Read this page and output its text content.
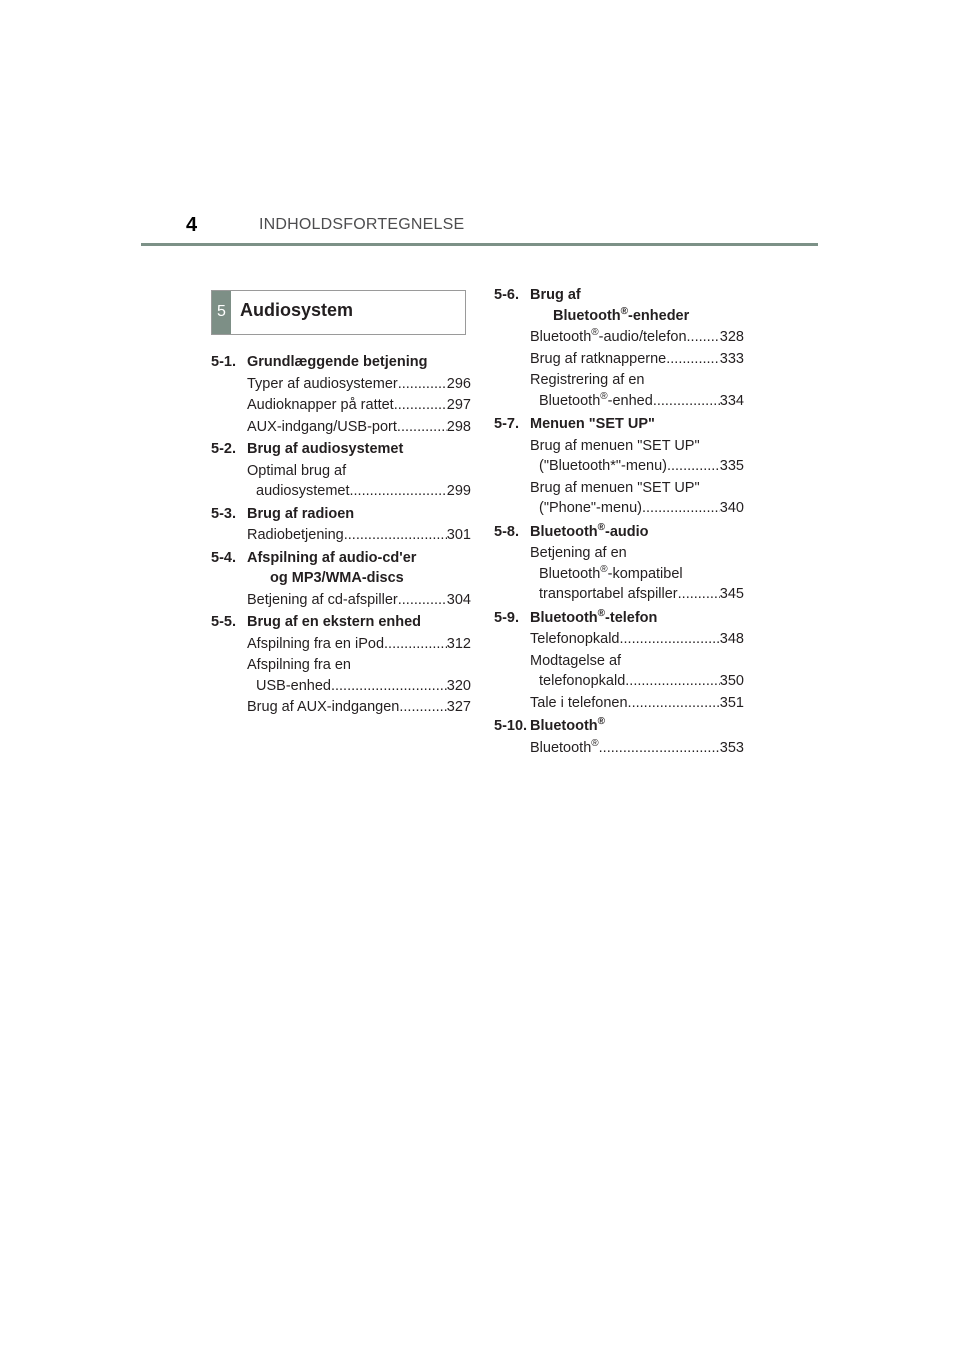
4	INDHOLDSFORTEGNELSE
5 Audiosystem
5-1. Grundlæggende betjening
Typer af audiosystemer .....	296
Audioknapper på rattet .....	297
AUX-indgang/USB-port .....	298
5-2. Brug af audiosystemet
Optimal brug af
audiosystemet .....	299
5-3. Brug af radioen
Radiobetjening .....	301
5-4. Afspilning af audio-cd'er
og MP3/WMA-discs
Betjening af cd-afspiller .....	304
5-5. Brug af en ekstern enhed
Afspilning fra en iPod .....	312
Afspilning fra en
USB-enhed .....	320
Brug af AUX-indgangen .....	327
5-6. Brug af
Bluetooth®-enheder
Bluetooth®-audio/telefon ..... 328
Brug af ratknapperne .....	333
Registrering af en
Bluetooth®-enhed .....	334
5-7. Menuen "SET UP"
Brug af menuen "SET UP"
("Bluetooth*"-menu) .....	335
Brug af menuen "SET UP"
("Phone"-menu) .....	340
5-8. Bluetooth®-audio
Betjening af en
Bluetooth®-kompatibel
transportabel afspiller .....	345
5-9. Bluetooth®-telefon
Telefonopkald .....	348
Modtagelse af
telefonopkald .....	350
Tale i telefonen .....	351
5-10. Bluetooth®
Bluetooth® .....	353
